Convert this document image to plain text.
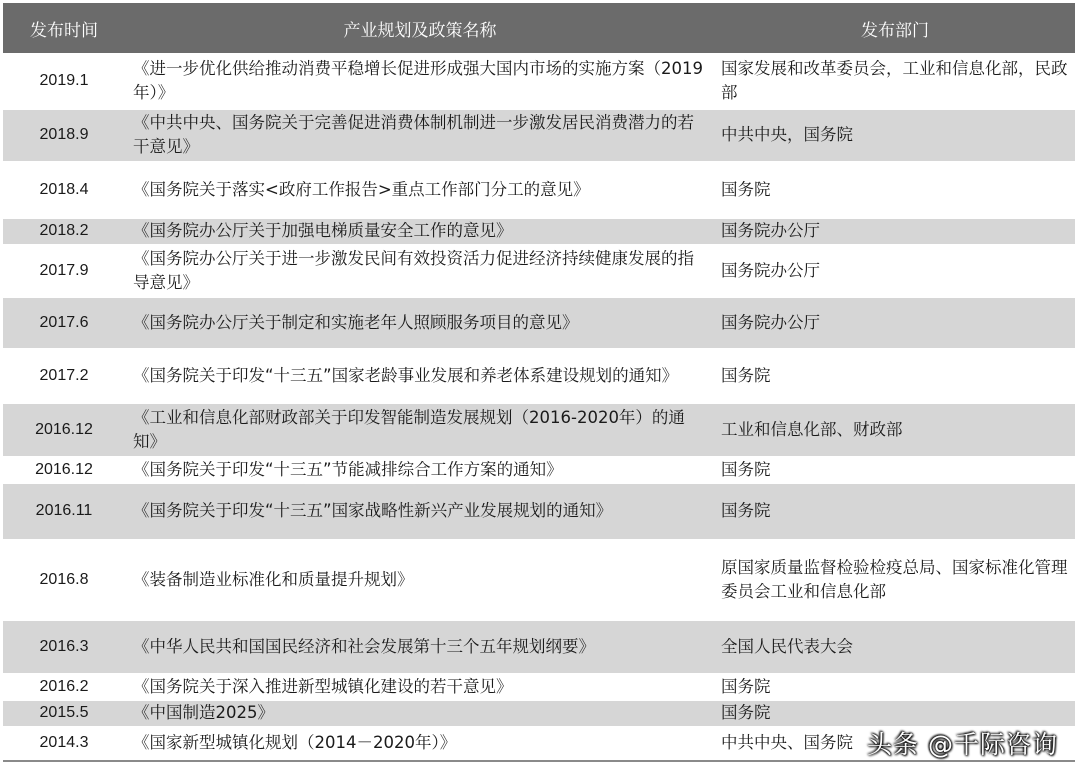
发布时间	产业规划及政策名称	发布部门
2019.1	《进一步优化供给推动消费平稳增长促进形成强大国内市场的实施方案（2019年）》	国家发展和改革委员会，工业和信息化部，民政部
2018.9	《中共中央、国务院关于完善促进消费体制机制进一步激发居民消费潜力的若干意见》	中共中央，国务院
2018.4	《国务院关于落实<政府工作报告>重点工作部门分工的意见》	国务院
2018.2	《国务院办公厅关于加强电梯质量安全工作的意见》	国务院办公厅
2017.9	《国务院办公厅关于进一步激发民间有效投资活力促进经济持续健康发展的指导意见》	国务院办公厅
2017.6	《国务院办公厅关于制定和实施老年人照顾服务项目的意见》	国务院办公厅
2017.2	《国务院关于印发“十三五”国家老龄事业发展和养老体系建设规划的通知》	国务院
2016.12	《工业和信息化部财政部关于印发智能制造发展规划（2016-2020年）的通知》	工业和信息化部、财政部
2016.12	《国务院关于印发“十三五”节能减排综合工作方案的通知》	国务院
2016.11	《国务院关于印发“十三五”国家战略性新兴产业发展规划的通知》	国务院
2016.8	《装备制造业标准化和质量提升规划》	原国家质量监督检验检疫总局、国家标准化管理委员会工业和信息化部
2016.3	《中华人民共和国国民经济和社会发展第十三个五年规划纲要》	全国人民代表大会
2016.2	《国务院关于深入推进新型城镇化建设的若干意见》	国务院
2015.5	《中国制造2025》	国务院
2014.3	《国家新型城镇化规划（2014－2020年）》	中共中央、国务院 头条 @千际咨询
